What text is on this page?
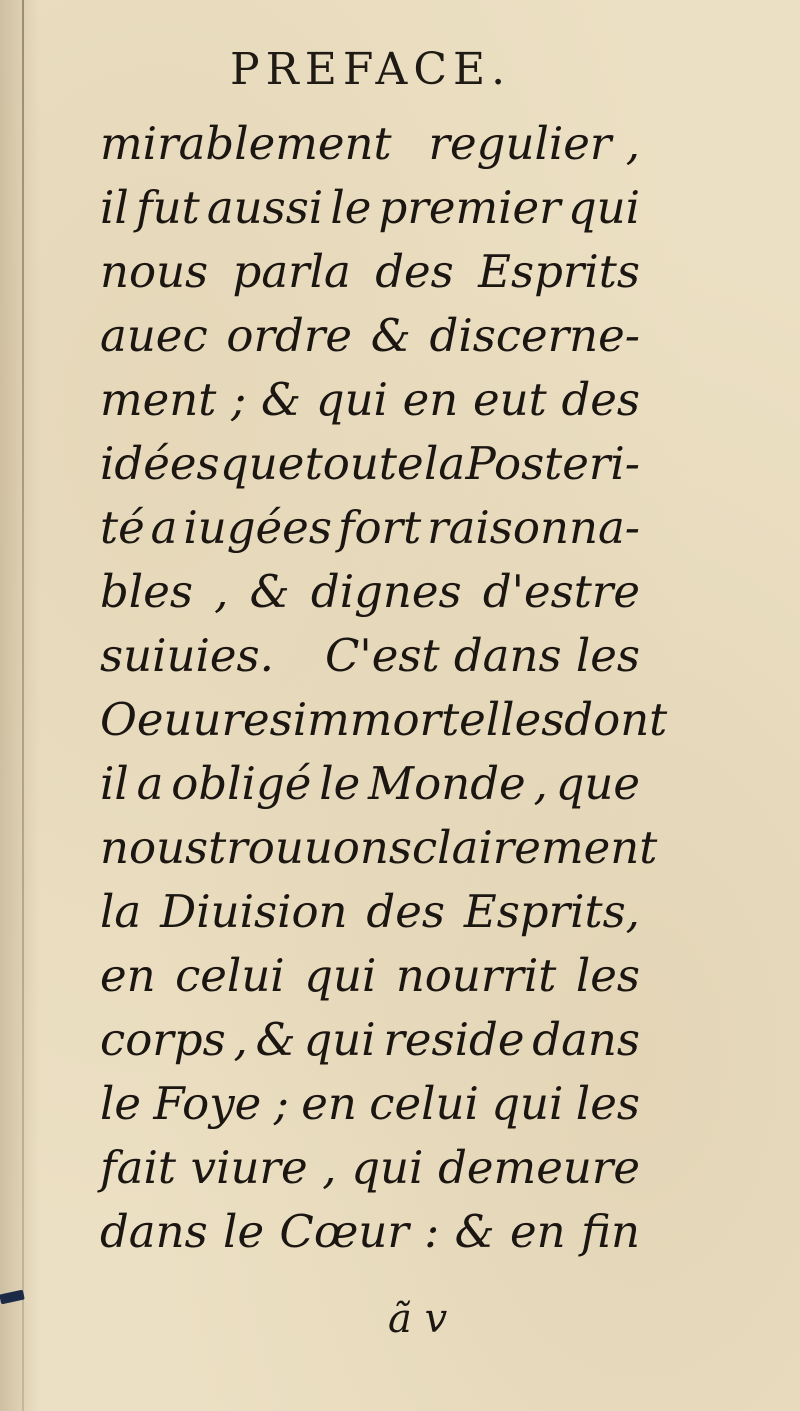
PREFACE.
mirablement regulier ,
il fut aussi le premier qui
nous parla des Esprits
auec ordre & discerne-
ment ; & qui en eut des
idées que toute la Posteri-
té a iugées fort raisonna-
bles , & dignes d'estre
suiuies. C'est dans les
Oeuures immortelles dont
il a obligé le Monde , que
nous trouuons clairement
la Diuision des Esprits,
en celui qui nourrit les
corps , & qui reside dans
le Foye ; en celui qui les
fait viure , qui demeure
dans le Cœur : & en fin
ã v
